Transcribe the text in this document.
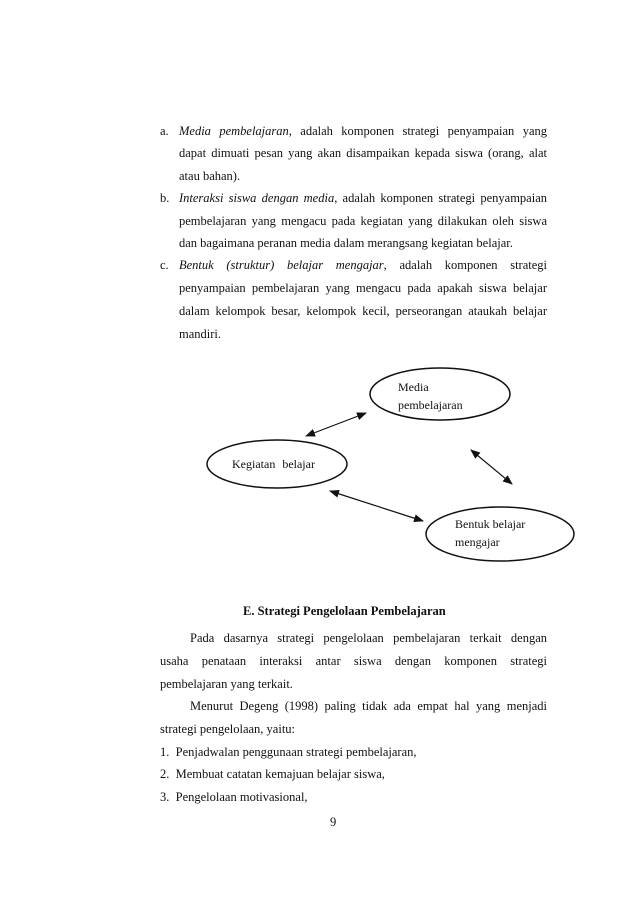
a. Media pembelajaran, adalah komponen strategi penyampaian yang
dapat dimuati pesan yang akan disampaikan kepada siswa (orang, alat
atau bahan).
b. Interaksi siswa dengan media, adalah komponen strategi penyampaian
pembelajaran yang mengacu pada kegiatan yang dilakukan oleh siswa
dan bagaimana peranan media dalam merangsang kegiatan belajar.
c. Bentuk (struktur) belajar mengajar, adalah komponen strategi
penyampaian pembelajaran yang mengacu pada apakah siswa belajar
dalam kelompok besar, kelompok kecil, perseorangan ataukah belajar
mandiri.
Media
pembelajaran
Kegiatan belajar
Bentuk belajar
mengajar
E. Strategi Pengelolaan Pembelajaran
Pada dasarnya strategi pengelolaan pembelajaran terkait dengan
usaha penataan interaksi antar siswa dengan komponen strategi
pembelajaran yang terkait.
Menurut Degeng (1998) paling tidak ada empat hal yang menjadi
strategi pengelolaan, yaitu:
1. Penjadwalan penggunaan strategi pembelajaran,
2. Membuat catatan kemajuan belajar siswa,
3. Pengelolaan motivasional,
9
